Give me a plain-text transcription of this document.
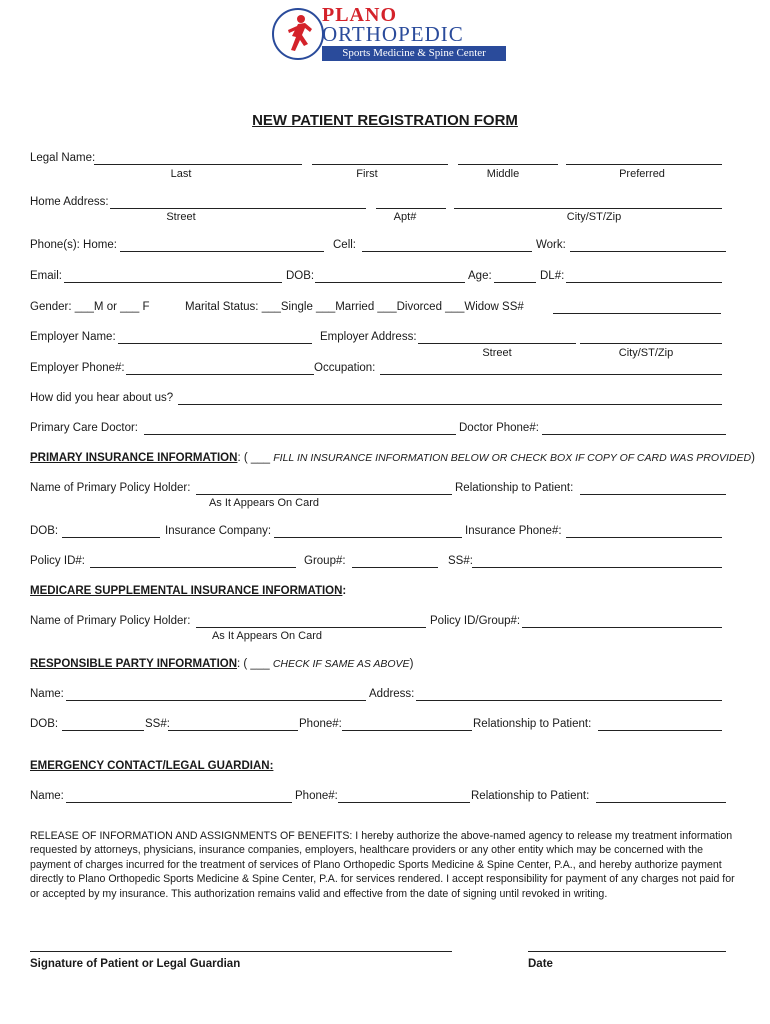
PLANO
ORTHOPEDIC
Sports Medicine & Spine Center
NEW PATIENT REGISTRATION FORM
Legal Name:
Last	First	Middle	Preferred
Home Address:
Street	Apt#	City/ST/Zip
Phone(s): Home:	Cell:	Work:
Email:	DOB:	Age:	DL#:
Gender: ___M or ___ F	Marital Status: ___Single ___Married ___Divorced ___Widow SS#
Employer Name:	Employer Address:
Street	City/ST/Zip
Employer Phone#:	Occupation:
How did you hear about us?
Primary Care Doctor:	Doctor Phone#:
PRIMARY INSURANCE INFORMATION: ( ___ FILL IN INSURANCE INFORMATION BELOW OR CHECK BOX IF COPY OF CARD WAS PROVIDED)
Name of Primary Policy Holder:	Relationship to Patient:
As It Appears On Card
DOB:	Insurance Company:	Insurance Phone#:
Policy ID#:	Group#:	SS#:
MEDICARE SUPPLEMENTAL INSURANCE INFORMATION:
Name of Primary Policy Holder:	Policy ID/Group#:
As It Appears On Card
RESPONSIBLE PARTY INFORMATION: ( ___ CHECK IF SAME AS ABOVE)
Name:	Address:
DOB:	SS#:	Phone#:	Relationship to Patient:
EMERGENCY CONTACT/LEGAL GUARDIAN:
Name:	Phone#:	Relationship to Patient:
RELEASE OF INFORMATION AND ASSIGNMENTS OF BENEFITS: I hereby authorize the above-named agency to release my treatment information requested by attorneys, physicians, insurance companies, employers, healthcare providers or any other entity which may be concerned with the payment of charges incurred for the treatment of services of Plano Orthopedic Sports Medicine & Spine Center, P.A., and hereby authorize payment directly to Plano Orthopedic Sports Medicine & Spine Center, P.A. for services rendered. I accept responsibility for payment of any charges not paid for or accepted by my insurance. This authorization remains valid and effective from the date of signing until revoked in writing.
Signature of Patient or Legal Guardian	Date
